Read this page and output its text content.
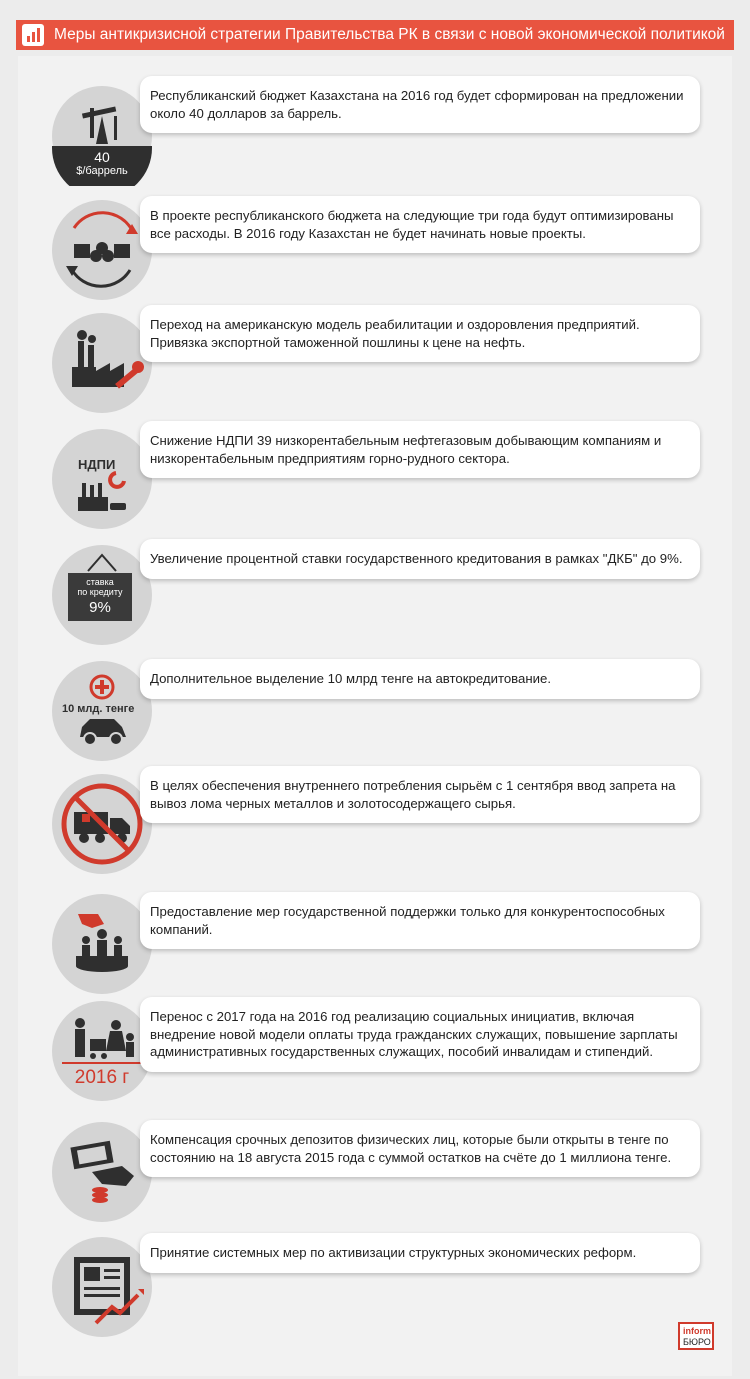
Меры антикризисной стратегии Правительства РК в связи с новой экономической политикой
40
$/баррель
Республиканский бюджет Казахстана на 2016 год будет сформирован на предложении около 40 долларов за баррель.
В проекте республиканского бюджета на следующие три года будут оптимизированы все расходы. В 2016 году Казахстан не будет начинать новые проекты.
Переход на американскую модель реабилитации и оздоровления предприятий. Привязка экспортной таможенной пошлины к цене на нефть.
НДПИ
Снижение НДПИ 39 низкорентабельным нефтегазовым добывающим компаниям и низкорентабельным предприятиям горно-рудного сектора.
ставка
по кредиту
9%
Увеличение процентной ставки государственного кредитования в рамках "ДКБ" до 9%.
10 млд. тенге
Дополнительное выделение 10 млрд тенге на автокредитование.
В целях обеспечения внутреннего потребления сырьём с 1 сентября ввод запрета на вывоз лома черных металлов и золотосодержащего сырья.
Предоставление мер государственной поддержки только для конкурентоспособных компаний.
2016 г
Перенос с 2017 года на 2016 год реализацию социальных инициатив, включая внедрение новой модели оплаты труда гражданских служащих, повышение зарплаты административных государственных служащих, пособий инвалидам и стипендий.
Компенсация срочных депозитов физических лиц, которые были открыты в тенге по состоянию на 18 августа 2015 года с суммой остатков на счёте до 1 миллиона тенге.
Принятие системных мер по активизации структурных экономических реформ.
inform
БЮРО
